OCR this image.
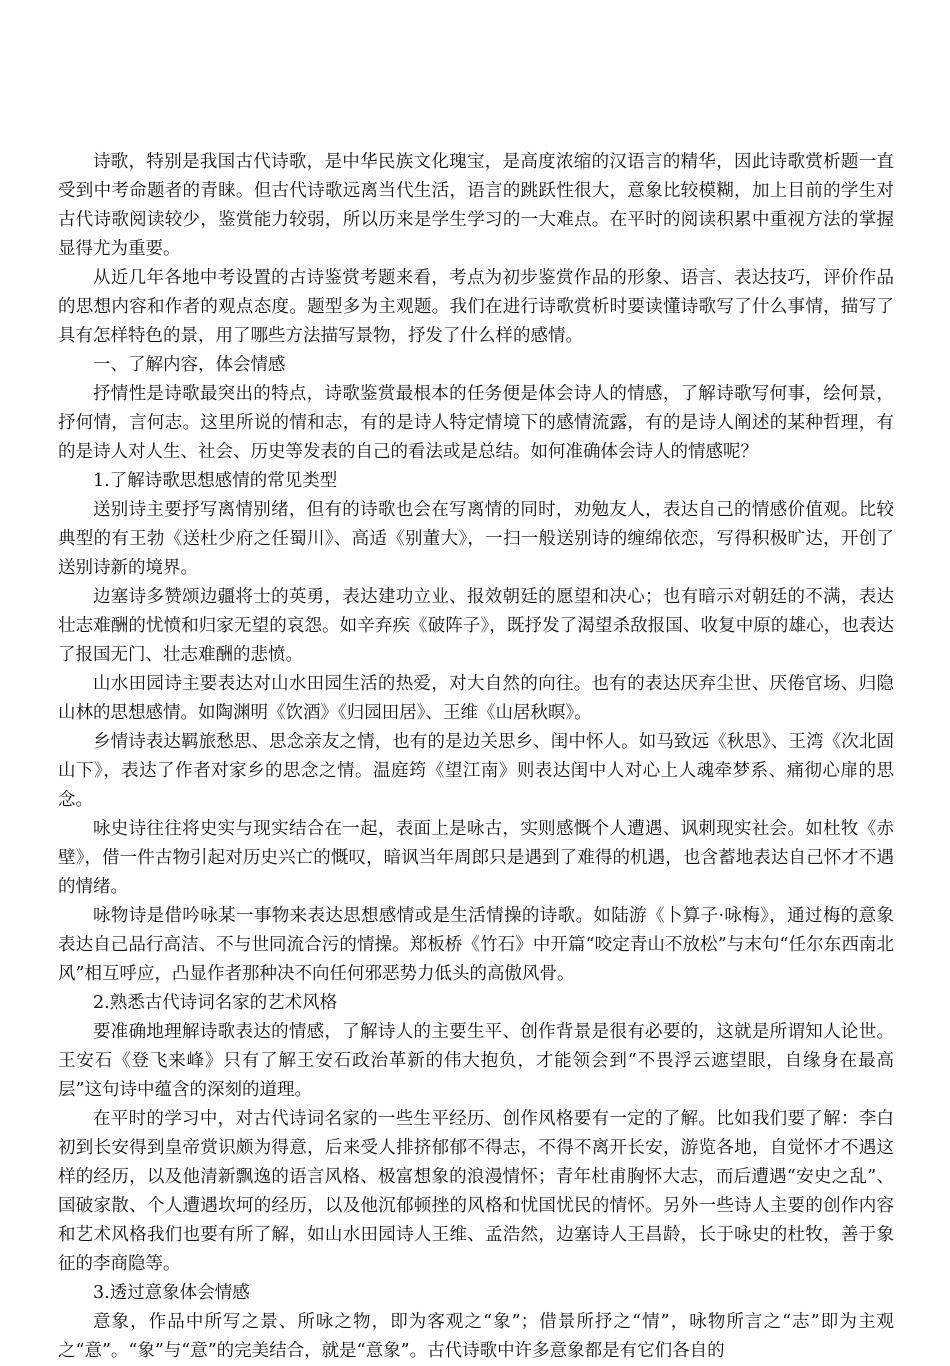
诗歌，特别是我国古代诗歌，是中华民族文化瑰宝，是高度浓缩的汉语言的精华，因此诗歌赏析题一直受到中考命题者的青睐。但古代诗歌远离当代生活，语言的跳跃性很大，意象比较模糊，加上目前的学生对古代诗歌阅读较少，鉴赏能力较弱，所以历来是学生学习的一大难点。在平时的阅读积累中重视方法的掌握显得尤为重要。

从近几年各地中考设置的古诗鉴赏考题来看，考点为初步鉴赏作品的形象、语言、表达技巧，评价作品的思想内容和作者的观点态度。题型多为主观题。我们在进行诗歌赏析时要读懂诗歌写了什么事情，描写了具有怎样特色的景，用了哪些方法描写景物，抒发了什么样的感情。

一、了解内容，体会情感

抒情性是诗歌最突出的特点，诗歌鉴赏最根本的任务便是体会诗人的情感，了解诗歌写何事，绘何景，抒何情，言何志。这里所说的情和志，有的是诗人特定情境下的感情流露，有的是诗人阐述的某种哲理，有的是诗人对人生、社会、历史等发表的自己的看法或是总结。如何准确体会诗人的情感呢？

1.了解诗歌思想感情的常见类型

送别诗主要抒写离情别绪，但有的诗歌也会在写离情的同时，劝勉友人，表达自己的情感价值观。比较典型的有王勃《送杜少府之任蜀川》、高适《别董大》，一扫一般送别诗的缠绵依恋，写得积极旷达，开创了送别诗新的境界。

边塞诗多赞颂边疆将士的英勇，表达建功立业、报效朝廷的愿望和决心；也有暗示对朝廷的不满，表达壮志难酬的忧愤和归家无望的哀怨。如辛弃疾《破阵子》，既抒发了渴望杀敌报国、收复中原的雄心，也表达了报国无门、壮志难酬的悲愤。

山水田园诗主要表达对山水田园生活的热爱，对大自然的向往。也有的表达厌弃尘世、厌倦官场、归隐山林的思想感情。如陶渊明《饮酒》《归园田居》、王维《山居秋暝》。

乡情诗表达羁旅愁思、思念亲友之情，也有的是边关思乡、闺中怀人。如马致远《秋思》、王湾《次北固山下》，表达了作者对家乡的思念之情。温庭筠《望江南》则表达闺中人对心上人魂牵梦系、痛彻心扉的思念。

咏史诗往往将史实与现实结合在一起，表面上是咏古，实则感慨个人遭遇、讽刺现实社会。如杜牧《赤壁》，借一件古物引起对历史兴亡的慨叹，暗讽当年周郎只是遇到了难得的机遇，也含蓄地表达自己怀才不遇的情绪。

咏物诗是借吟咏某一事物来表达思想感情或是生活情操的诗歌。如陆游《卜算子·咏梅》，通过梅的意象表达自己品行高洁、不与世同流合污的情操。郑板桥《竹石》中开篇“咬定青山不放松”与末句“任尔东西南北风”相互呼应，凸显作者那种决不向任何邪恶势力低头的高傲风骨。

2.熟悉古代诗词名家的艺术风格

要准确地理解诗歌表达的情感，了解诗人的主要生平、创作背景是很有必要的，这就是所谓知人论世。王安石《登飞来峰》只有了解王安石政治革新的伟大抱负，才能领会到“不畏浮云遮望眼，自缘身在最高层”这句诗中蕴含的深刻的道理。

在平时的学习中，对古代诗词名家的一些生平经历、创作风格要有一定的了解。比如我们要了解：李白初到长安得到皇帝赏识颇为得意，后来受人排挤郁郁不得志，不得不离开长安，游览各地，自觉怀才不遇这样的经历，以及他清新飘逸的语言风格、极富想象的浪漫情怀；青年杜甫胸怀大志，而后遭遇“安史之乱”、国破家散、个人遭遇坎坷的经历，以及他沉郁顿挫的风格和忧国忧民的情怀。另外一些诗人主要的创作内容和艺术风格我们也要有所了解，如山水田园诗人王维、孟浩然，边塞诗人王昌龄，长于咏史的杜牧，善于象征的李商隐等。

3.透过意象体会情感

意象，作品中所写之景、所咏之物，即为客观之“象”；借景所抒之“情”，咏物所言之“志”即为主观之“意”。“象”与“意”的完美结合，就是“意象”。古代诗歌中许多意象都是有它们各自的
